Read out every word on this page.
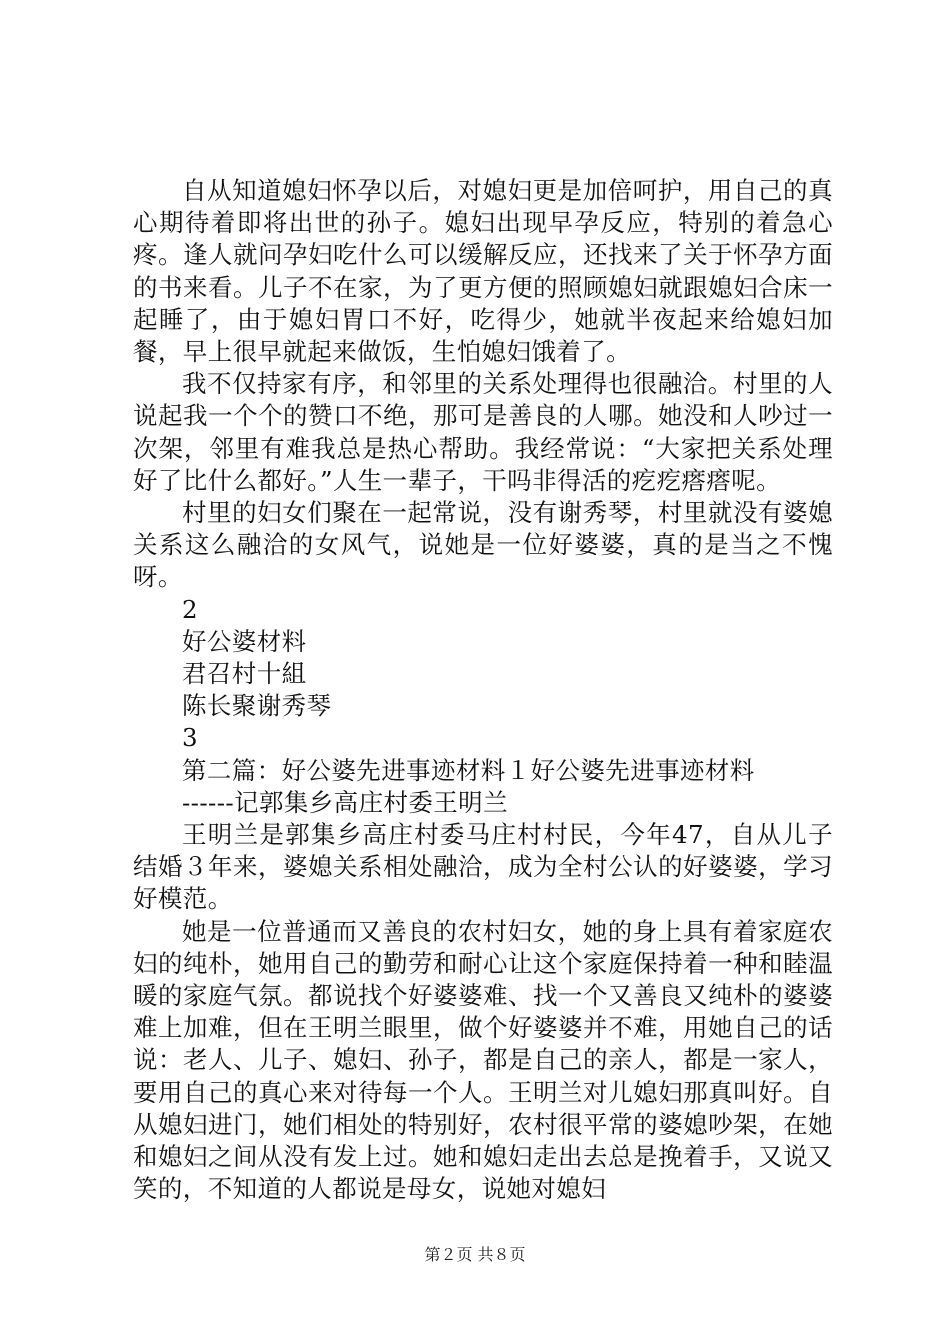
自从知道媳妇怀孕以后，对媳妇更是加倍呵护，用自己的真心期待着即将出世的孙子。媳妇出现早孕反应，特别的着急心疼。逢人就问孕妇吃什么可以缓解反应，还找来了关于怀孕方面的书来看。儿子不在家，为了更方便的照顾媳妇就跟媳妇合床一起睡了，由于媳妇胃口不好，吃得少，她就半夜起来给媳妇加餐，早上很早就起来做饭，生怕媳妇饿着了。

我不仅持家有序，和邻里的关系处理得也很融洽。村里的人说起我一个个的赞口不绝，那可是善良的人哪。她没和人吵过一次架，邻里有难我总是热心帮助。我经常说：“大家把关系处理好了比什么都好。”人生一辈子，干吗非得活的疙疙瘩瘩呢。

村里的妇女们聚在一起常说，没有谢秀琴，村里就没有婆媳关系这么融洽的女风气，说她是一位好婆婆，真的是当之不愧呀。

2

好公婆材料

君召村十組

陈长聚谢秀琴

3

第二篇：好公婆先进事迹材料１好公婆先进事迹材料

------记郭集乡高庄村委王明兰

王明兰是郭集乡高庄村委马庄村村民，今年47，自从儿子结婚３年来，婆媳关系相处融洽，成为全村公认的好婆婆，学习好模范。

她是一位普通而又善良的农村妇女，她的身上具有着家庭农妇的纯朴，她用自己的勤劳和耐心让这个家庭保持着一种和睦温暖的家庭气氛。都说找个好婆婆难、找一个又善良又纯朴的婆婆难上加难，但在王明兰眼里，做个好婆婆并不难，用她自己的话说：老人、儿子、媳妇、孙子，都是自己的亲人，都是一家人，要用自己的真心来对待每一个人。王明兰对儿媳妇那真叫好。自从媳妇进门，她们相处的特别好，农村很平常的婆媳吵架，在她和媳妇之间从没有发上过。她和媳妇走出去总是挽着手，又说又笑的，不知道的人都说是母女，说她对媳妇

第２页 共８页
